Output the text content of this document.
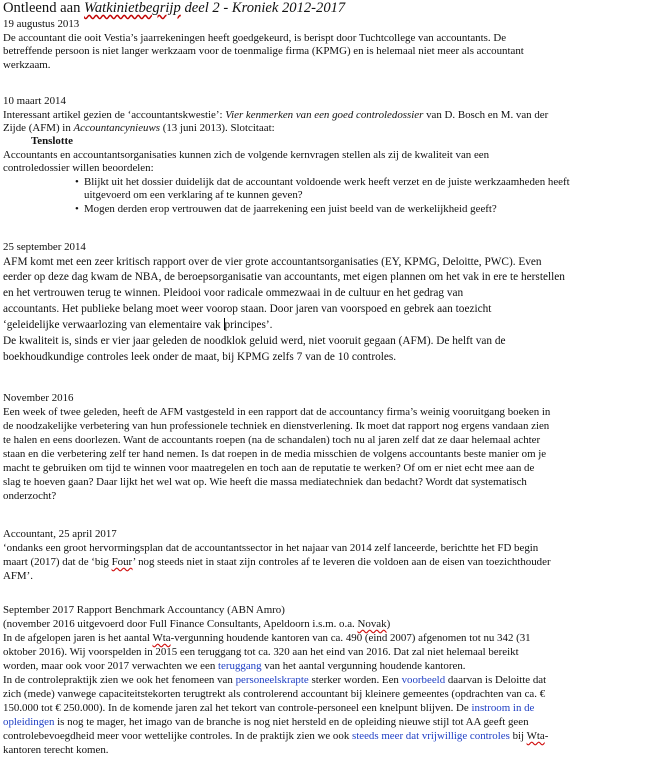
Ontleend aan Watkinietbegrijp deel 2 - Kroniek 2012-2017
19 augustus 2013
De accountant die ooit Vestia’s jaarrekeningen heeft goedgekeurd, is berispt door Tuchtcollege van accountants. De
betreffende persoon is niet langer werkzaam voor de toenmalige firma (KPMG) en is helemaal niet meer als accountant
werkzaam.
10 maart 2014
Interessant artikel gezien de ‘accountantskwestie’: Vier kenmerken van een goed controledossier van D. Bosch en M. van der
Zijde (AFM) in Accountancynieuws (13 juni 2013). Slotcitaat:
Tenslotte
Accountants en accountantsorganisaties kunnen zich de volgende kernvragen stellen als zij de kwaliteit van een
controledossier willen beoordelen:
• Blijkt uit het dossier duidelijk dat de accountant voldoende werk heeft verzet en de juiste werkzaamheden heeft
uitgevoerd om een verklaring af te kunnen geven?
• Mogen derden erop vertrouwen dat de jaarrekening een juist beeld van de werkelijkheid geeft?
25 september 2014
AFM komt met een zeer kritisch rapport over de vier grote accountantsorganisaties (EY, KPMG, Deloitte, PWC). Even
eerder op deze dag kwam de NBA, de beroepsorganisatie van accountants, met eigen plannen om het vak in ere te herstellen
en het vertrouwen terug te winnen. Pleidooi voor radicale ommezwaai in de cultuur en het gedrag van
accountants. Het publieke belang moet weer voorop staan. Door jaren van voorspoed en gebrek aan toezicht
‘geleidelijke verwaarlozing van elementaire vak principes’.
De kwaliteit is, sinds er vier jaar geleden de noodklok geluid werd, niet vooruit gegaan (AFM). De helft van de
boekhoudkundige controles leek onder de maat, bij KPMG zelfs 7 van de 10 controles.
November 2016
Een week of twee geleden, heeft de AFM vastgesteld in een rapport dat de accountancy firma’s weinig vooruitgang boeken in
de noodzakelijke verbetering van hun professionele techniek en dienstverlening. Ik moet dat rapport nog ergens vandaan zien
te halen en eens doorlezen. Want de accountants roepen (na de schandalen) toch nu al jaren zelf dat ze daar helemaal achter
staan en die verbetering zelf ter hand nemen. Is dat roepen in de media misschien de volgens accountants beste manier om je
macht te gebruiken om tijd te winnen voor maatregelen en toch aan de reputatie te werken? Of om er niet echt mee aan de
slag te hoeven gaan? Daar lijkt het wel wat op. Wie heeft die massa mediatechniek dan bedacht? Wordt dat systematisch
onderzocht?
Accountant, 25 april 2017
‘ondanks een groot hervormingsplan dat de accountantssector in het najaar van 2014 zelf lanceerde, berichtte het FD begin
maart (2017) dat de ‘big Four’ nog steeds niet in staat zijn controles af te leveren die voldoen aan de eisen van toezichthouder
AFM’.
September 2017 Rapport Benchmark Accountancy (ABN Amro)
(november 2016 uitgevoerd door Full Finance Consultants, Apeldoorn i.s.m. o.a. Novak)
In de afgelopen jaren is het aantal Wta-vergunning houdende kantoren van ca. 490 (eind 2007) afgenomen tot nu 342 (31
oktober 2016). Wij voorspelden in 2015 een teruggang tot ca. 320 aan het eind van 2016. Dat zal niet helemaal bereikt
worden, maar ook voor 2017 verwachten we een teruggang van het aantal vergunning houdende kantoren.
In de controlepraktijk zien we ook het fenomeen van personeelskrapte sterker worden. Een voorbeeld daarvan is Deloitte dat
zich (mede) vanwege capaciteitstekorten terugtrekt als controlerend accountant bij kleinere gemeentes (opdrachten van ca. €
150.000 tot € 250.000). In de komende jaren zal het tekort van controle-personeel een knelpunt blijven. De instroom in de
opleidingen is nog te mager, het imago van de branche is nog niet hersteld en de opleiding nieuwe stijl tot AA geeft geen
controlebevoegdheid meer voor wettelijke controles. In de praktijk zien we ook steeds meer dat vrijwillige controles bij Wta-
kantoren terecht komen.
